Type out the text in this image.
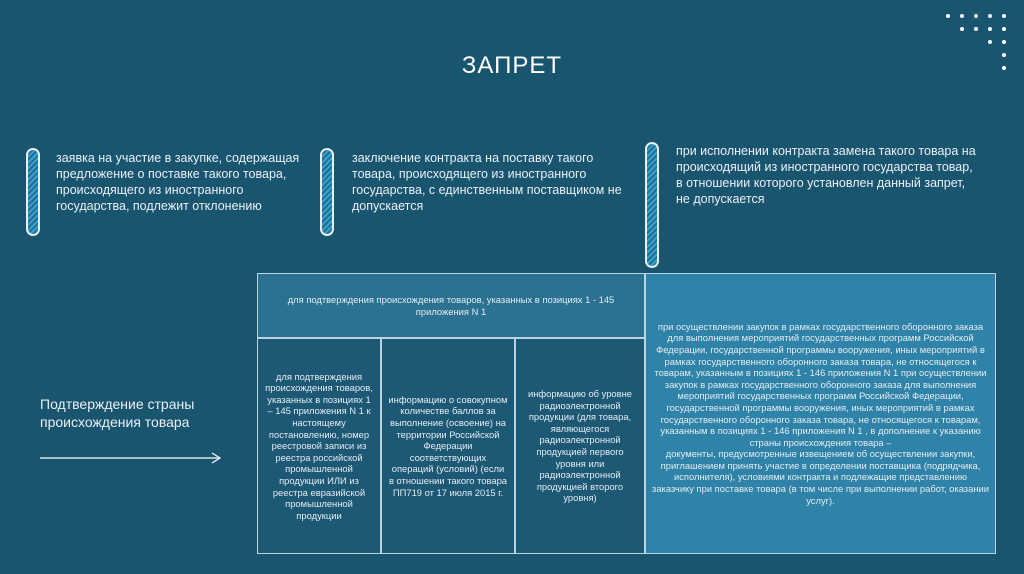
ЗАПРЕТ
заявка на участие в закупке, содержащая предложение о поставке такого товара, происходящего из иностранного государства, подлежит отклонению
заключение контракта на поставку такого товара, происходящего из иностранного государства, с единственным поставщиком не допускается
при исполнении контракта замена такого товара на происходящий из иностранного государства товар, в отношении которого установлен данный запрет, не допускается
Подтверждение страны происхождения товара
для подтверждения происхождения товаров, указанных в позициях 1 - 145 приложения N 1
для подтверждения происхождения товаров, указанных в позициях 1 – 145 приложения N 1 к настоящему постановлению, номер реестровой записи из реестра российской промышленной продукции ИЛИ из реестра евразийской промышленной продукции
информацию о совокупном количестве баллов за выполнение (освоение) на территории Российской Федерации соответствующих операций (условий) (если в отношении такого товара ПП719 от 17 июля 2015 г.
информацию об уровне радиоэлектронной продукции (для товара, являющегося радиоэлектронной продукцией первого уровня или радиоэлектронной продукцией второго уровня)
при осуществлении закупок в рамках государственного оборонного заказа для выполнения мероприятий государственных программ Российской Федерации, государственной программы вооружения, иных мероприятий в рамках государственного оборонного заказа товара, не относящегося к товарам, указанным в позициях 1 - 146 приложения N 1 при осуществлении закупок в рамках государственного оборонного заказа для выполнения мероприятий государственных программ Российской Федерации, государственной программы вооружения, иных мероприятий в рамках государственного оборонного заказа товара, не относящегося к товарам, указанным в позициях 1 - 146 приложения N 1 , в дополнение к указанию страны происхождения товара –
документы, предусмотренные извещением об осуществлении закупки, приглашением принять участие в определении поставщика (подрядчика, исполнителя), условиями контракта и подлежащие представлению заказчику при поставке товара (в том числе при выполнении работ, оказании услуг).
